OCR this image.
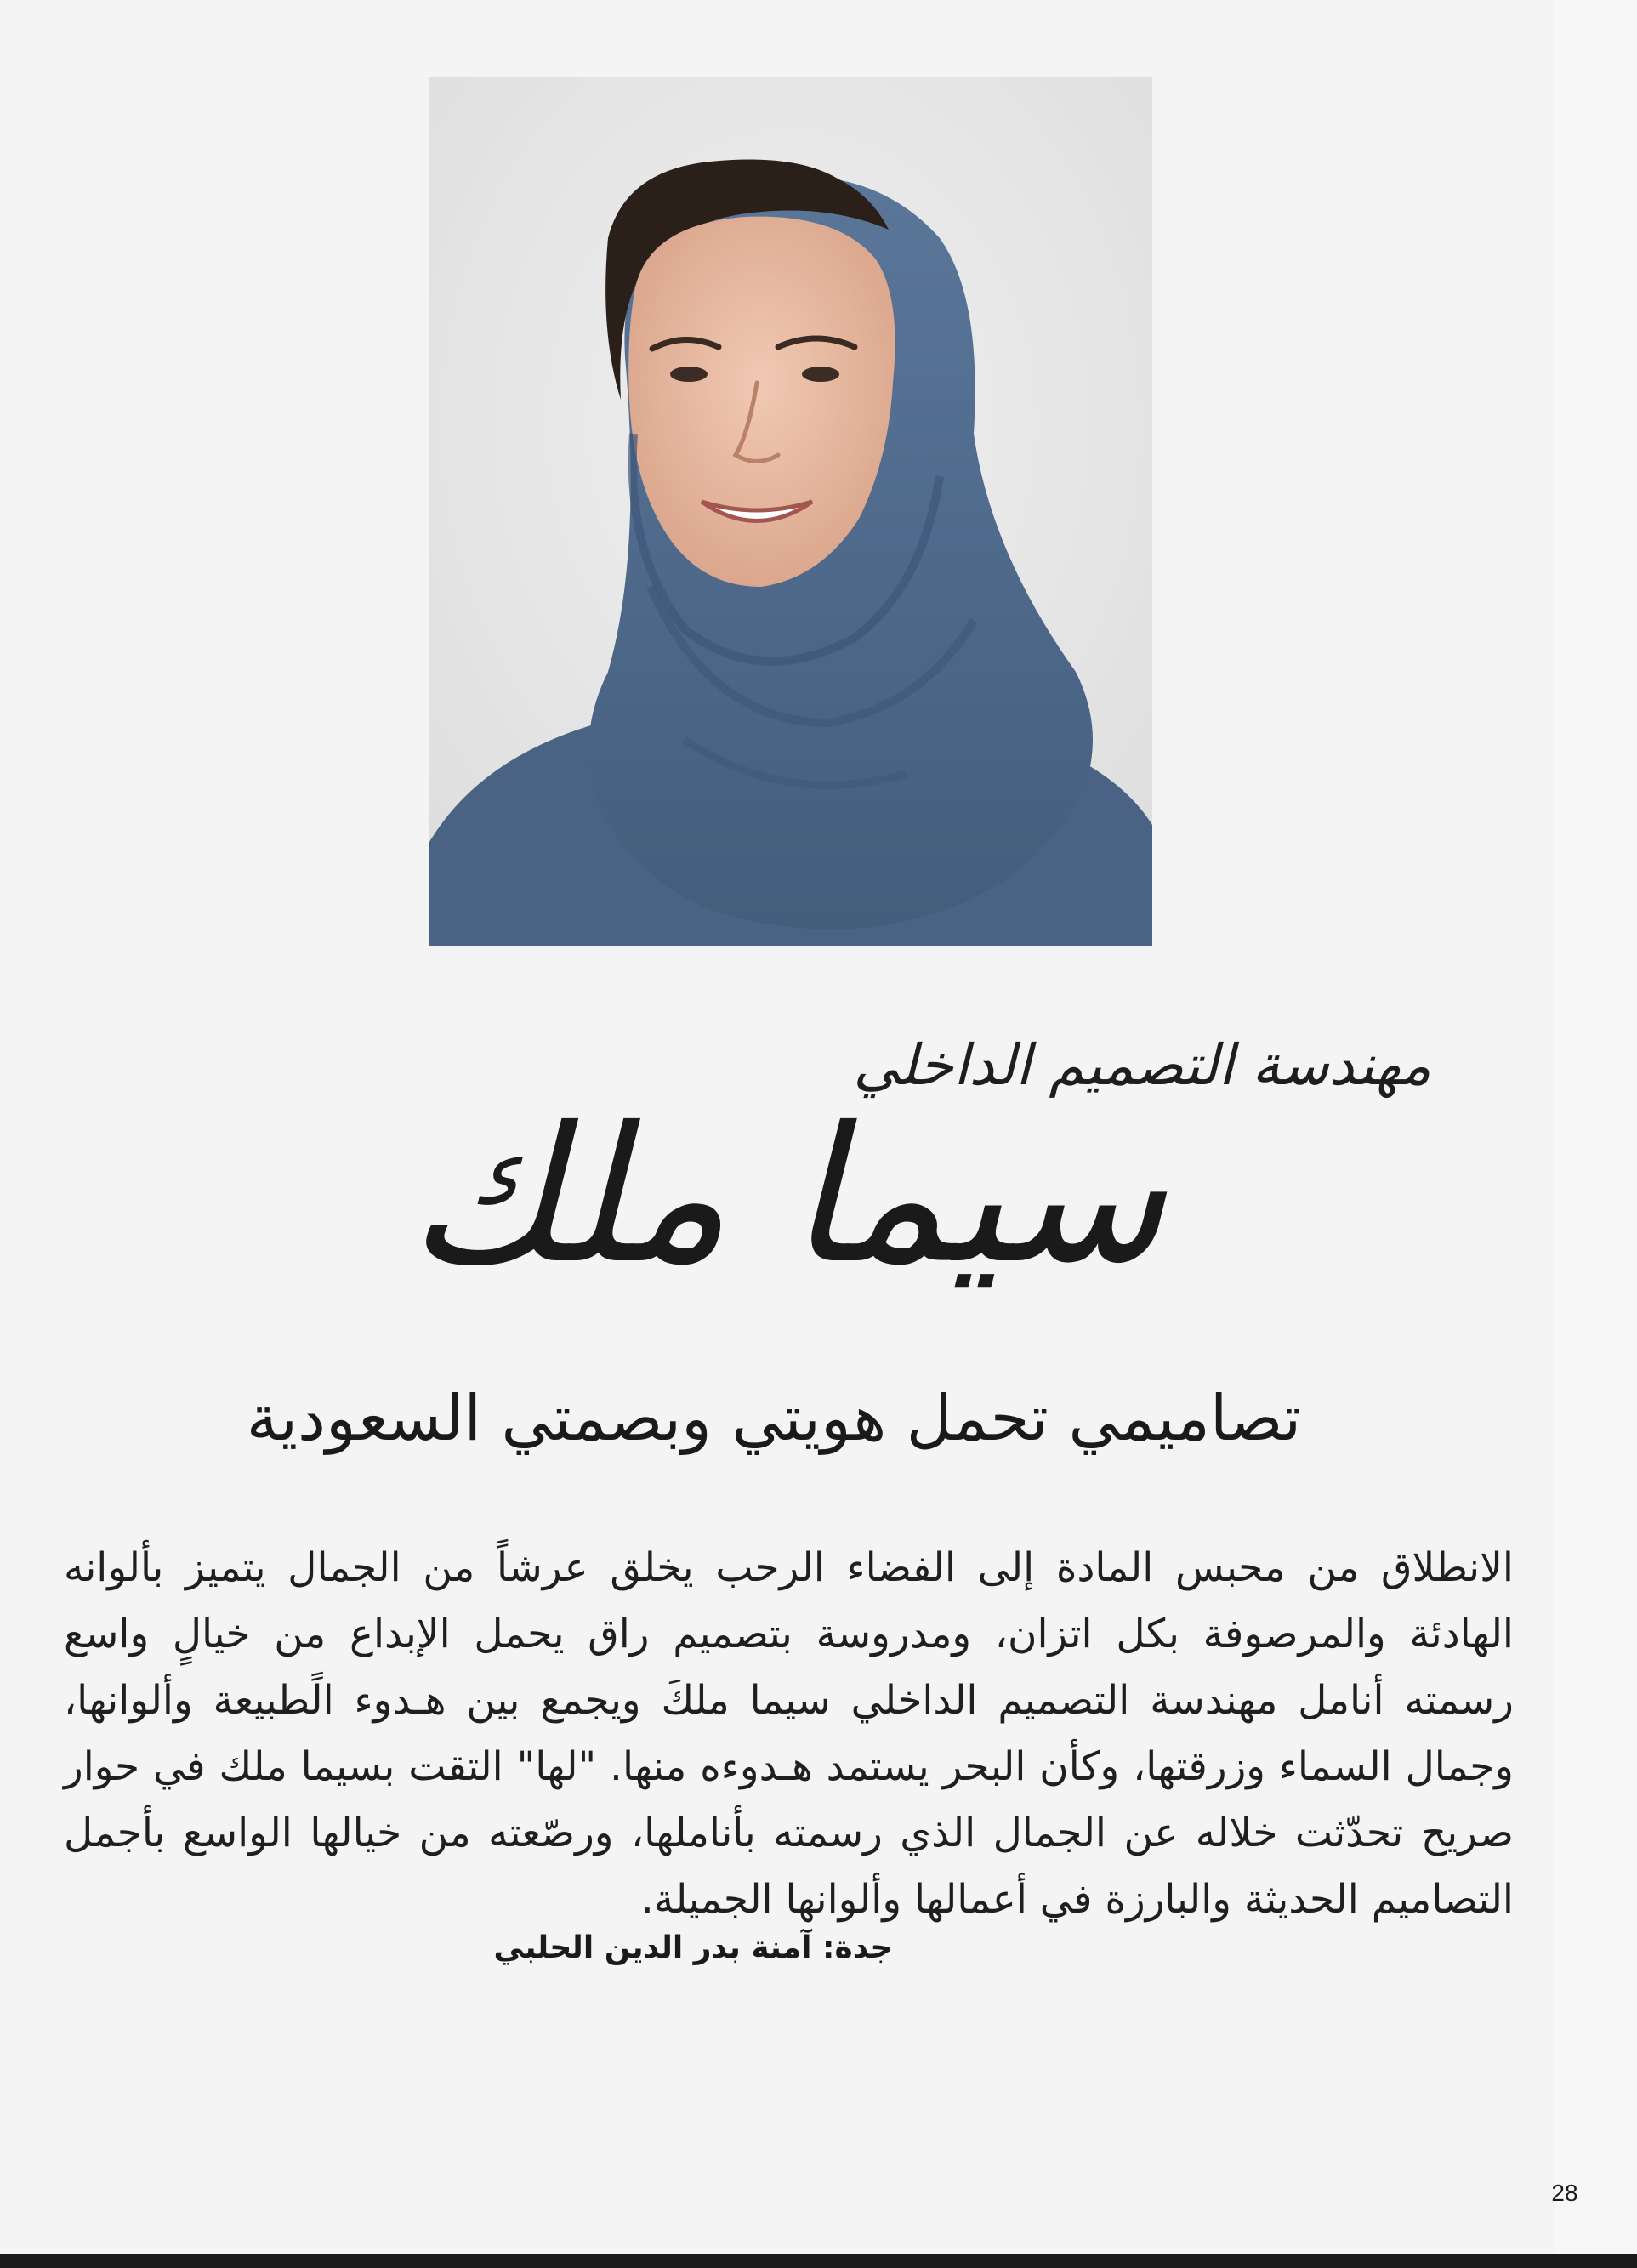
مهندسة التصميم الداخلي
سيما ملك
تصاميمي تحمل هويتي وبصمتي السعودية
الانطلاق من محبس المادة إلى الفضاء الرحب يخلق عرشاً من الجمال يتميز بألوانه الهادئة والمرصوفة بكل اتزان، ومدروسة بتصميم راق يحمل الإبداع من خيالٍ واسع رسمته أنامل مهندسة التصميم الداخلي سيما ملكَ ويجمع بين هـدوء الًطبيعة وألوانها، وجمال السماء وزرقتها، وكأن البحر يستمد هـدوءه منها. "لها" التقت بسيما ملك في حوار صريح تحدّثت خلاله عن الجمال الذي رسمته بأناملها، ورصّعته من خيالها الواسع بأجمل التصاميم الحديثة والبارزة في أعمالها وألوانها الجميلة.
جدة: آمنة بدر الدين الحلبي
28
